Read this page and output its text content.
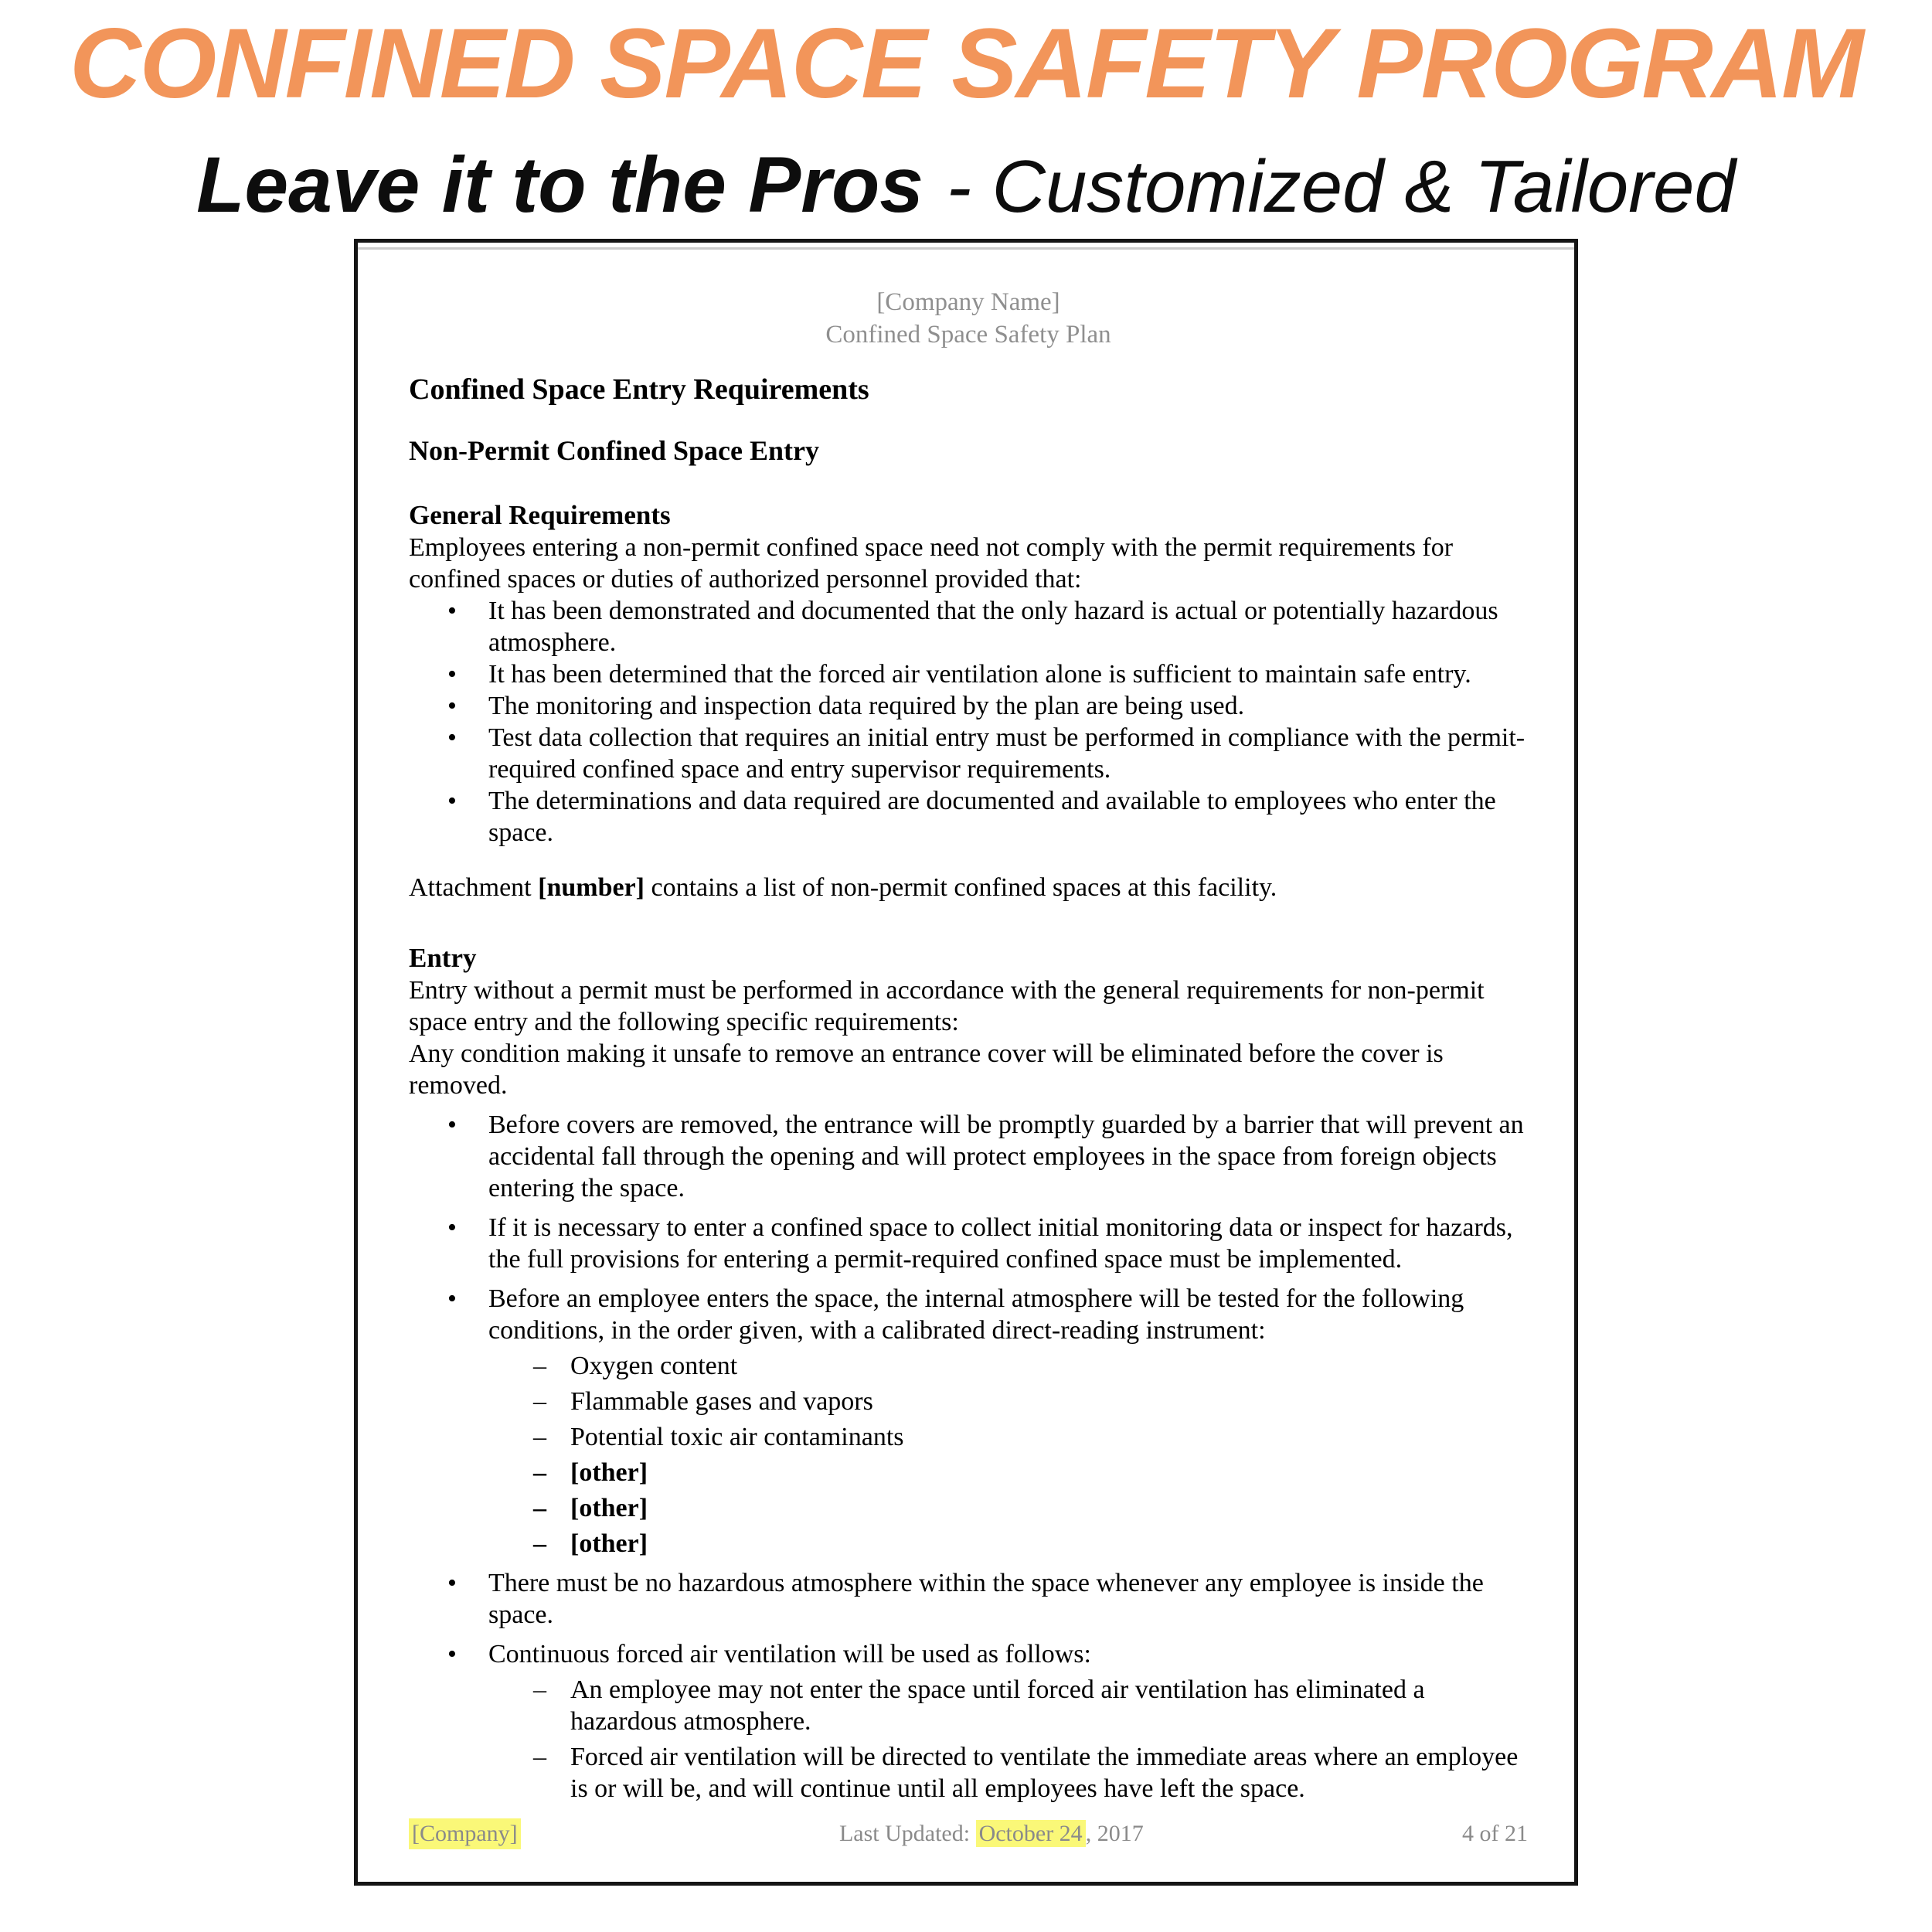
CONFINED SPACE SAFETY PROGRAM
Leave it to the Pros - Customized & Tailored
[Company Name]
Confined Space Safety Plan
Confined Space Entry Requirements
Non-Permit Confined Space Entry
General Requirements

Employees entering a non-permit confined space need not comply with the permit requirements for confined spaces or duties of authorized personnel provided that:

• It has been demonstrated and documented that the only hazard is actual or potentially hazardous atmosphere.
• It has been determined that the forced air ventilation alone is sufficient to maintain safe entry.
• The monitoring and inspection data required by the plan are being used.
• Test data collection that requires an initial entry must be performed in compliance with the permit-required confined space and entry supervisor requirements.
• The determinations and data required are documented and available to employees who enter the space.

Attachment [number] contains a list of non-permit confined spaces at this facility.

Entry

Entry without a permit must be performed in accordance with the general requirements for non-permit space entry and the following specific requirements:

Any condition making it unsafe to remove an entrance cover will be eliminated before the cover is removed.

• Before covers are removed, the entrance will be promptly guarded by a barrier that will prevent an accidental fall through the opening and will protect employees in the space from foreign objects entering the space.
• If it is necessary to enter a confined space to collect initial monitoring data or inspect for hazards, the full provisions for entering a permit-required confined space must be implemented.
• Before an employee enters the space, the internal atmosphere will be tested for the following conditions, in the order given, with a calibrated direct-reading instrument:
– Oxygen content
– Flammable gases and vapors
– Potential toxic air contaminants
– [other]
– [other]
– [other]
• There must be no hazardous atmosphere within the space whenever any employee is inside the space.
• Continuous forced air ventilation will be used as follows:
– An employee may not enter the space until forced air ventilation has eliminated a hazardous atmosphere.
– Forced air ventilation will be directed to ventilate the immediate areas where an employee is or will be, and will continue until all employees have left the space.
[Company]	Last Updated: October 24 , 2017	4 of 21
